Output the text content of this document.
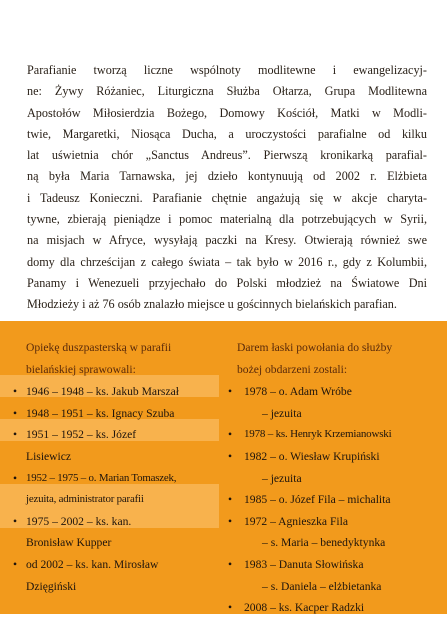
Parafianie tworzą liczne wspólnoty modlitewne i ewangelizacyj-
ne: Żywy Różaniec, Liturgiczna Służba Ołtarza, Grupa Modlitewna
Apostołów Miłosierdzia Bożego, Domowy Kościół, Matki w Modli-
twie, Margaretki, Niosąca Ducha, a uroczystości parafialne od kilku
lat uświetnia chór „Sanctus Andreus”. Pierwszą kronikarką parafial-
ną była Maria Tarnawska, jej dzieło kontynuują od 2002 r. Elżbieta
i Tadeusz Konieczni. Parafianie chętnie angażują się w akcje charyta-
tywne, zbierają pieniądze i pomoc materialną dla potrzebujących w Syrii,
na misjach w Afryce, wysyłają paczki na Kresy. Otwierają również swe
domy dla chrześcijan z całego świata – tak było w 2016 r., gdy z Kolumbii,
Panamy i Wenezueli przyjechało do Polski młodzież na Światowe Dni
Młodzieży i aż 76 osób znalazło miejsce u gościnnych bielańskich parafian.

Opiekę duszpasterską w parafii
bielańskiej sprawowali:
• 1946 – 1948 – ks. Jakub Marszał
• 1948 – 1951 – ks. Ignacy Szuba
• 1951 – 1952 – ks. Józef
Lisiewicz
• 1952 – 1975 – o. Marian Tomaszek,
jezuita, administrator parafii
• 1975 – 2002 – ks. kan.
Bronisław Kupper
• od 2002 – ks. kan. Mirosław
Dzięgiński
Darem łaski powołania do służby
bożej obdarzeni zostali:
• 1978 – o. Adam Wróbe
– jezuita
• 1978 – ks. Henryk Krzemianowski
• 1982 – o. Wiesław Krupiński
– jezuita
• 1985 – o. Józef Fila – michalita
• 1972 – Agnieszka Fila
– s. Maria – benedyktynka
• 1983 – Danuta Słowińska
– s. Daniela – elżbietanka
• 2008 – ks. Kacper Radzki
